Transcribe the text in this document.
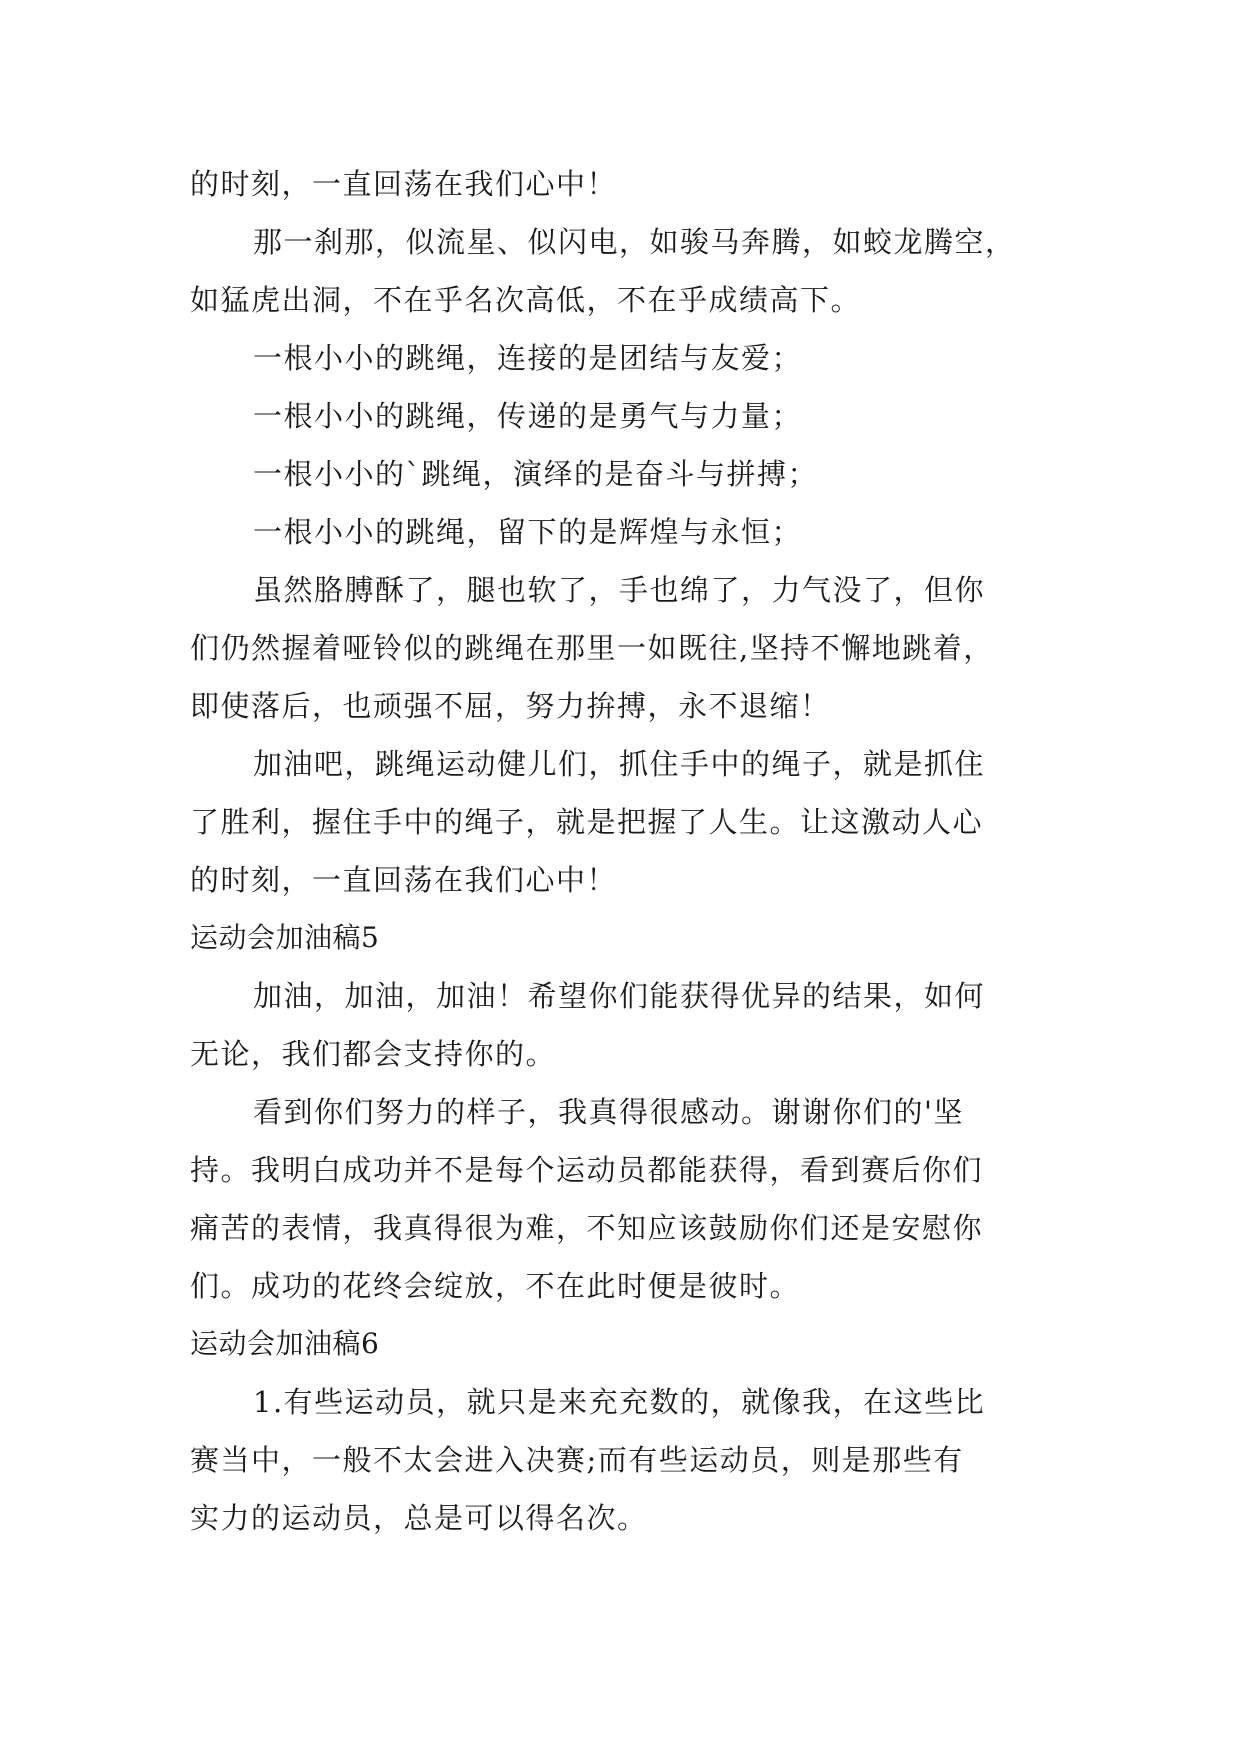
的时刻，一直回荡在我们心中！
那一刹那，似流星、似闪电，如骏马奔腾，如蛟龙腾空，
如猛虎出洞，不在乎名次高低，不在乎成绩高下。
一根小小的跳绳，连接的是团结与友爱；
一根小小的跳绳，传递的是勇气与力量；
一根小小的`跳绳，演绎的是奋斗与拼搏；
一根小小的跳绳，留下的是辉煌与永恒；
虽然胳膊酥了，腿也软了，手也绵了，力气没了，但你
们仍然握着哑铃似的跳绳在那里一如既往,坚持不懈地跳着，
即使落后，也顽强不屈，努力拚搏，永不退缩！
加油吧，跳绳运动健儿们，抓住手中的绳子，就是抓住
了胜利，握住手中的绳子，就是把握了人生。让这激动人心
的时刻，一直回荡在我们心中！
运动会加油稿5
加油，加油，加油！希望你们能获得优异的结果，如何
无论，我们都会支持你的。
看到你们努力的样子，我真得很感动。谢谢你们的'坚
持。我明白成功并不是每个运动员都能获得，看到赛后你们
痛苦的表情，我真得很为难，不知应该鼓励你们还是安慰你
们。成功的花终会绽放，不在此时便是彼时。
运动会加油稿6
1.有些运动员，就只是来充充数的，就像我，在这些比
赛当中，一般不太会进入决赛;而有些运动员，则是那些有
实力的运动员，总是可以得名次。
